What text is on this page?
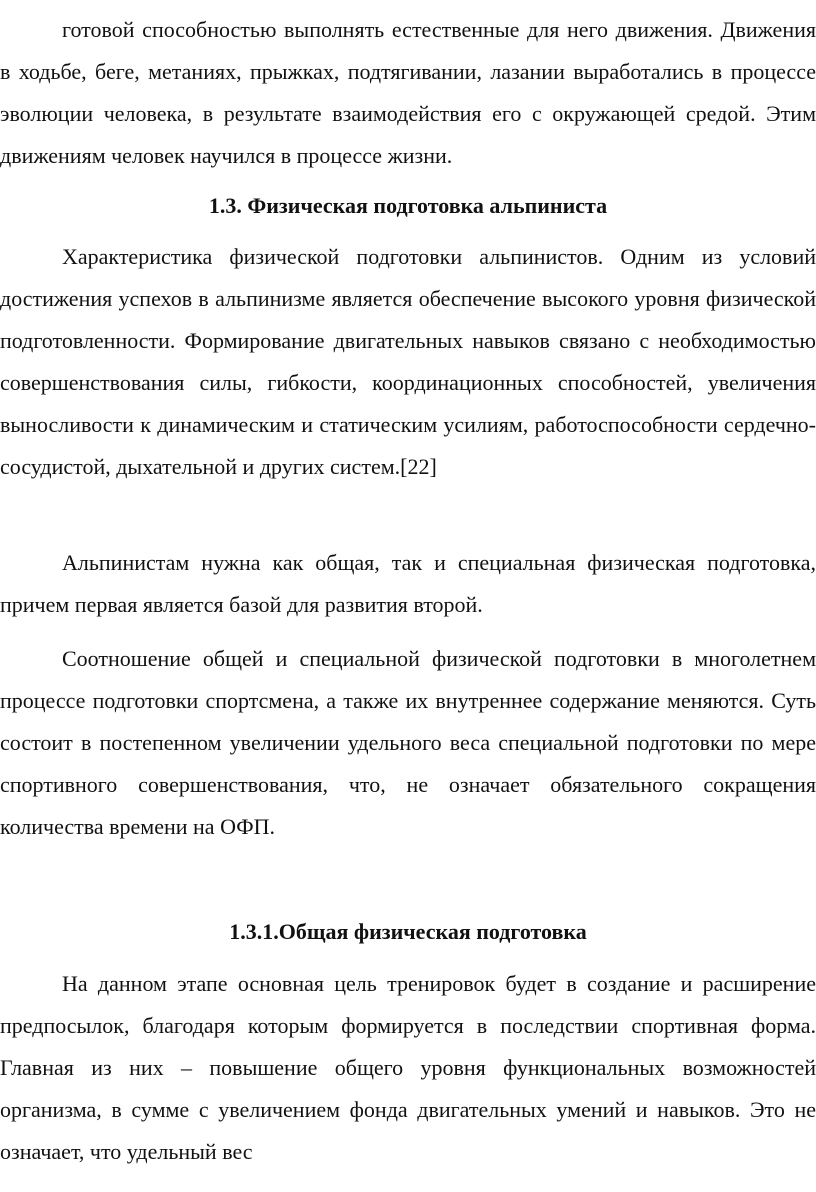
готовой способностью выполнять естественные для него движения. Движения в ходьбе, беге, метаниях, прыжках, подтягивании, лазании выработались в процессе эволюции человека, в результате взаимодействия его с окружающей средой. Этим движениям человек научился в процессе жизни.

1.3. Физическая подготовка альпиниста

Характеристика физической подготовки альпинистов. Одним из условий достижения успехов в альпинизме является обеспечение высокого уровня физической подготовленности. Формирование двигательных навыков связано с необходимостью совершенствования силы, гибкости, координационных способностей, увеличения выносливости к динамическим и статическим усилиям, работоспособности сердечно-сосудистой, дыхательной и других систем.[22]

Альпинистам нужна как общая, так и специальная физическая подготовка, причем первая является базой для развития второй.

Соотношение общей и специальной физической подготовки в многолетнем процессе подготовки спортсмена, а также их внутреннее содержание меняются. Суть состоит в постепенном увеличении удельного веса специальной подготовки по мере спортивного совершенствования, что, не означает обязательного сокращения количества времени на ОФП.

1.3.1.Общая физическая подготовка

На данном этапе основная цель тренировок будет в создание и расширение предпосылок, благодаря которым формируется в последствии спортивная форма. Главная из них – повышение общего уровня функциональных возможностей организма, в сумме с увеличением фонда двигательных умений и навыков. Это не означает, что удельный вес
